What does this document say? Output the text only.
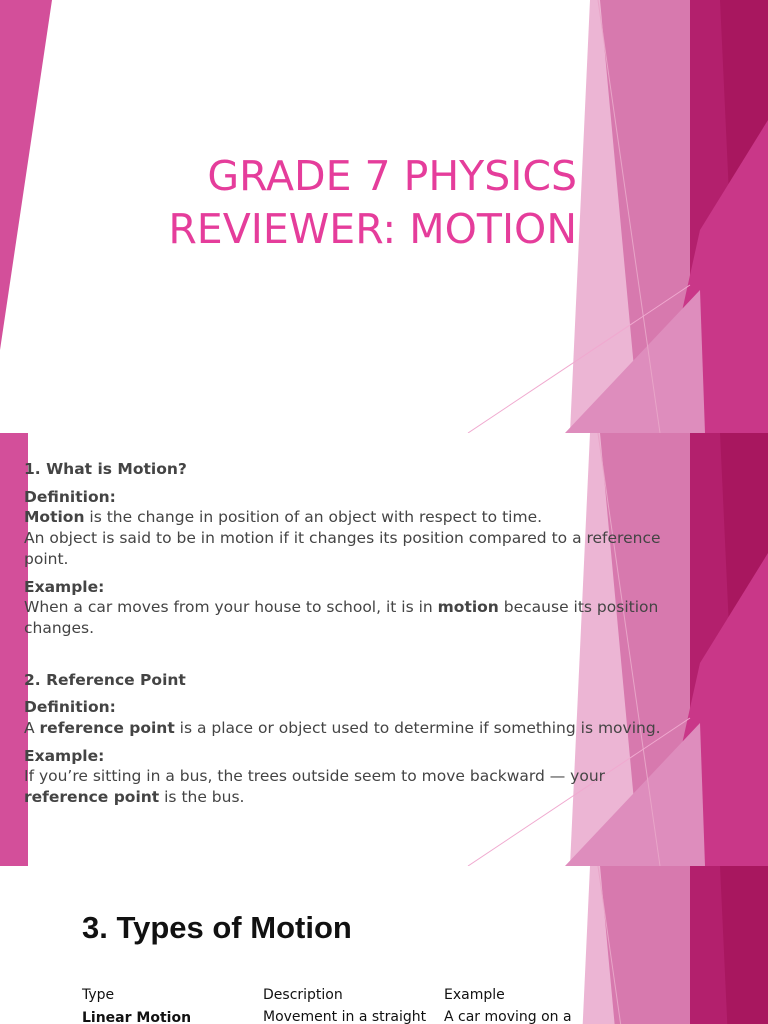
GRADE 7 PHYSICS
REVIEWER: MOTION

1. What is Motion?

Definition:

Motion is the change in position of an object with respect to time.

An object is said to be in motion if it changes its position compared to a reference point.

Example:

When a car moves from your house to school, it is in motion because its position changes.

2. Reference Point

Definition:

A reference point is a place or object used to determine if something is moving.

Example:

If you’re sitting in a bus, the trees outside seem to move backward — your reference point is the bus.

3. Types of Motion
Type	Description	Example
Linear Motion	Movement in a straight	A car moving on a
